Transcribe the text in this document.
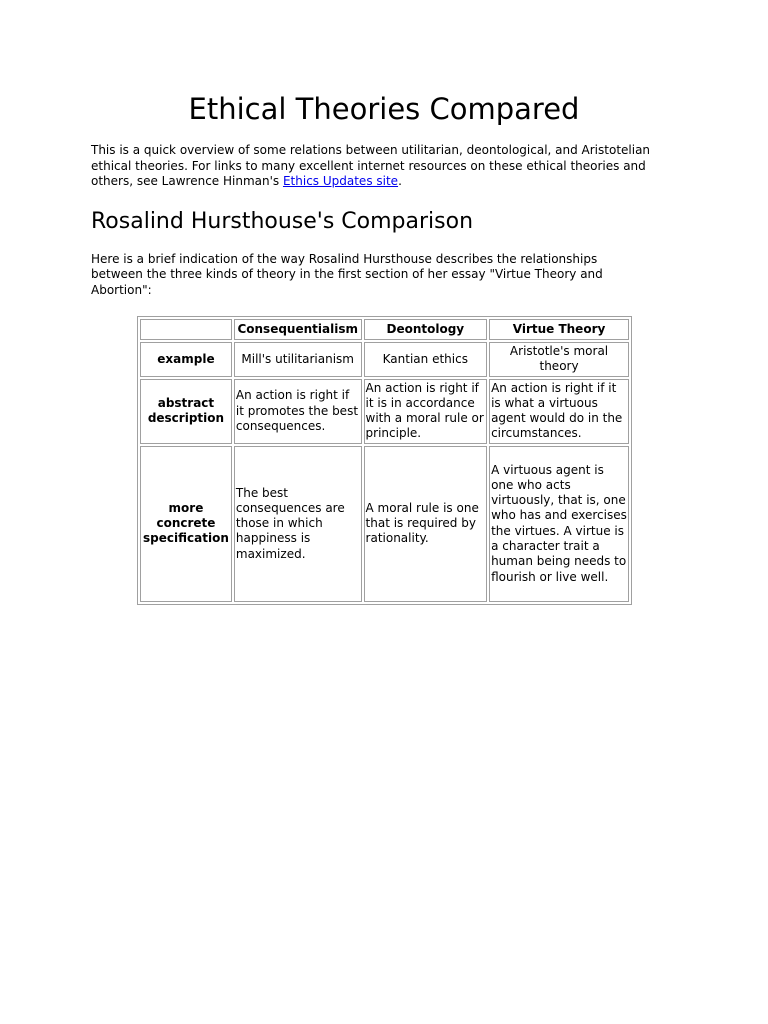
Ethical Theories Compared

This is a quick overview of some relations between utilitarian, deontological, and Aristotelian ethical theories. For links to many excellent internet resources on these ethical theories and others, see Lawrence Hinman's Ethics Updates site.

Rosalind Hursthouse's Comparison

Here is a brief indication of the way Rosalind Hursthouse describes the relationships between the three kinds of theory in the first section of her essay "Virtue Theory and Abortion":

	Consequentialism	Deontology	Virtue Theory
example	Mill's utilitarianism	Kantian ethics	Aristotle's moral theory
abstract description	An action is right if it promotes the best consequences.	An action is right if it is in accordance with a moral rule or principle.	An action is right if it is what a virtuous agent would do in the circumstances.
more concrete specification	The best consequences are those in which happiness is maximized.	A moral rule is one that is required by rationality.	A virtuous agent is one who acts virtuously, that is, one who has and exercises the virtues. A virtue is a character trait a human being needs to flourish or live well.
